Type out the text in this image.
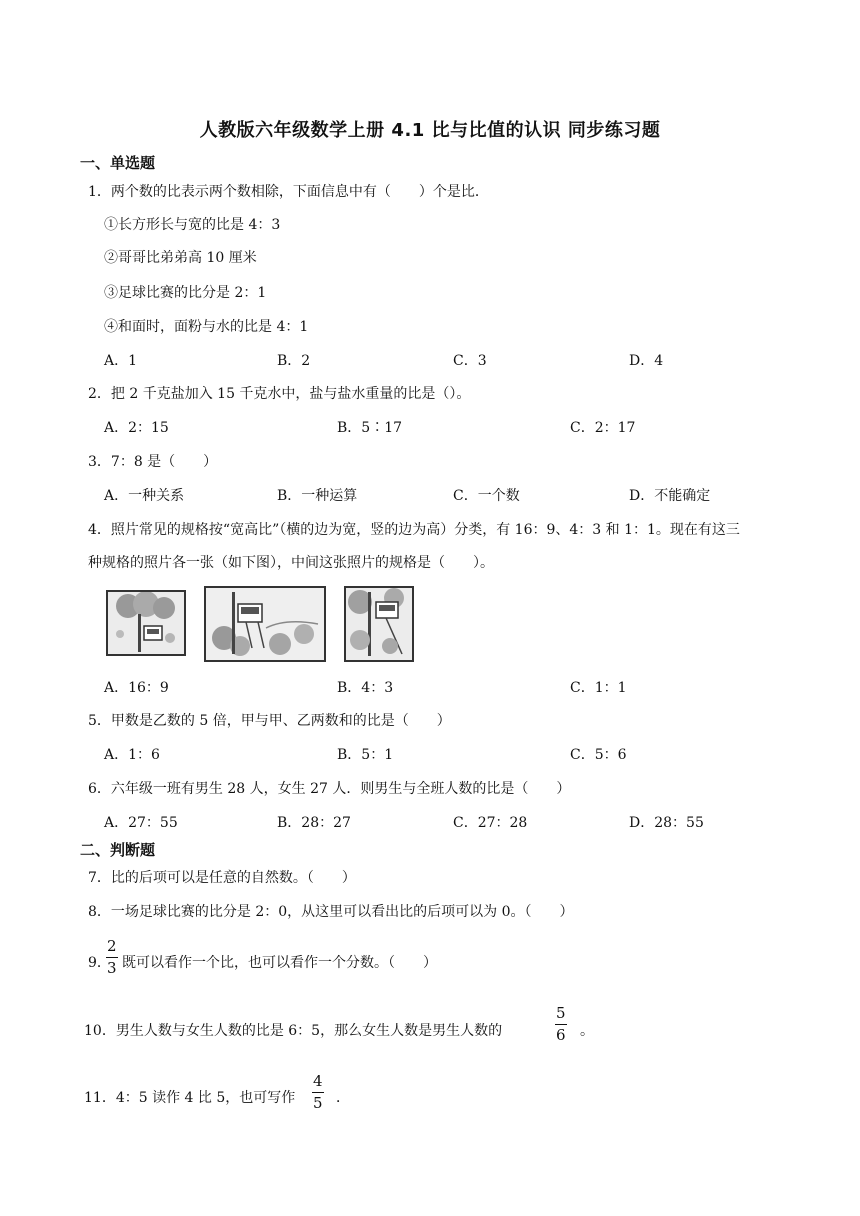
人教版六年级数学上册 4.1 比与比值的认识 同步练习题
一、单选题
1．两个数的比表示两个数相除，下面信息中有（　　）个是比．
①长方形长与宽的比是 4：3
②哥哥比弟弟高 10 厘米
③足球比赛的比分是 2：1
④和面时，面粉与水的比是 4：1
A．1	B．2	C．3	D．4
2．把 2 千克盐加入 15 千克水中，盐与盐水重量的比是（）。
A．2：15	B．5∶17	C．2：17
3．7：8 是（　　）
A．一种关系	B．一种运算	C．一个数	D．不能确定
4．照片常见的规格按“宽高比”（横的边为宽，竖的边为高）分类，有 16：9、4：3 和 1：1。现在有这三
种规格的照片各一张（如下图），中间这张照片的规格是（　　）。
A．16：9	B．4：3	C．1：1
5．甲数是乙数的 5 倍，甲与甲、乙两数和的比是（　　）
A．1：6	B．5：1	C．5：6
6．六年级一班有男生 28 人，女生 27 人．则男生与全班人数的比是（　　）
A．27：55	B．28：27	C．27：28	D．28：55
二、判断题
7．比的后项可以是任意的自然数。（　　）
8．一场足球比赛的比分是 2：0，从这里可以看出比的后项可以为 0。（　　）
9．
2
3 既可以看作一个比，也可以看作一个分数。（　　）
10．男生人数与女生人数的比是 6：5，那么女生人数是男生人数的
5
6 。
11．4：5 读作 4 比 5，也可写作
4
5 ．
